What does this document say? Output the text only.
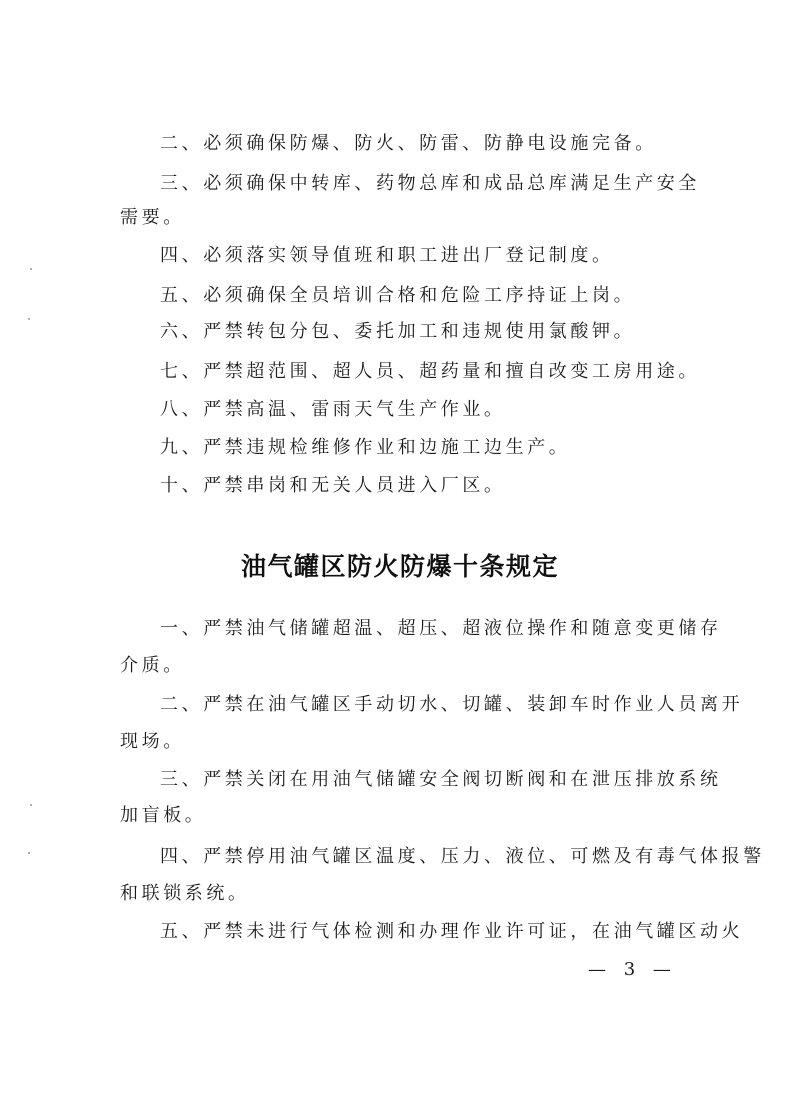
二、必须确保防爆、防火、防雷、防静电设施完备。
三、必须确保中转库、药物总库和成品总库满足生产安全
需要。
四、必须落实领导值班和职工进出厂登记制度。
五、必须确保全员培训合格和危险工序持证上岗。
六、严禁转包分包、委托加工和违规使用氯酸钾。
七、严禁超范围、超人员、超药量和擅自改变工房用途。
八、严禁高温、雷雨天气生产作业。
九、严禁违规检维修作业和边施工边生产。
十、严禁串岗和无关人员进入厂区。
油气罐区防火防爆十条规定
一、严禁油气储罐超温、超压、超液位操作和随意变更储存
介质。
二、严禁在油气罐区手动切水、切罐、装卸车时作业人员离开
现场。
三、严禁关闭在用油气储罐安全阀切断阀和在泄压排放系统
加盲板。
四、严禁停用油气罐区温度、压力、液位、可燃及有毒气体报警
和联锁系统。
五、严禁未进行气体检测和办理作业许可证，在油气罐区动火
— 3 —
